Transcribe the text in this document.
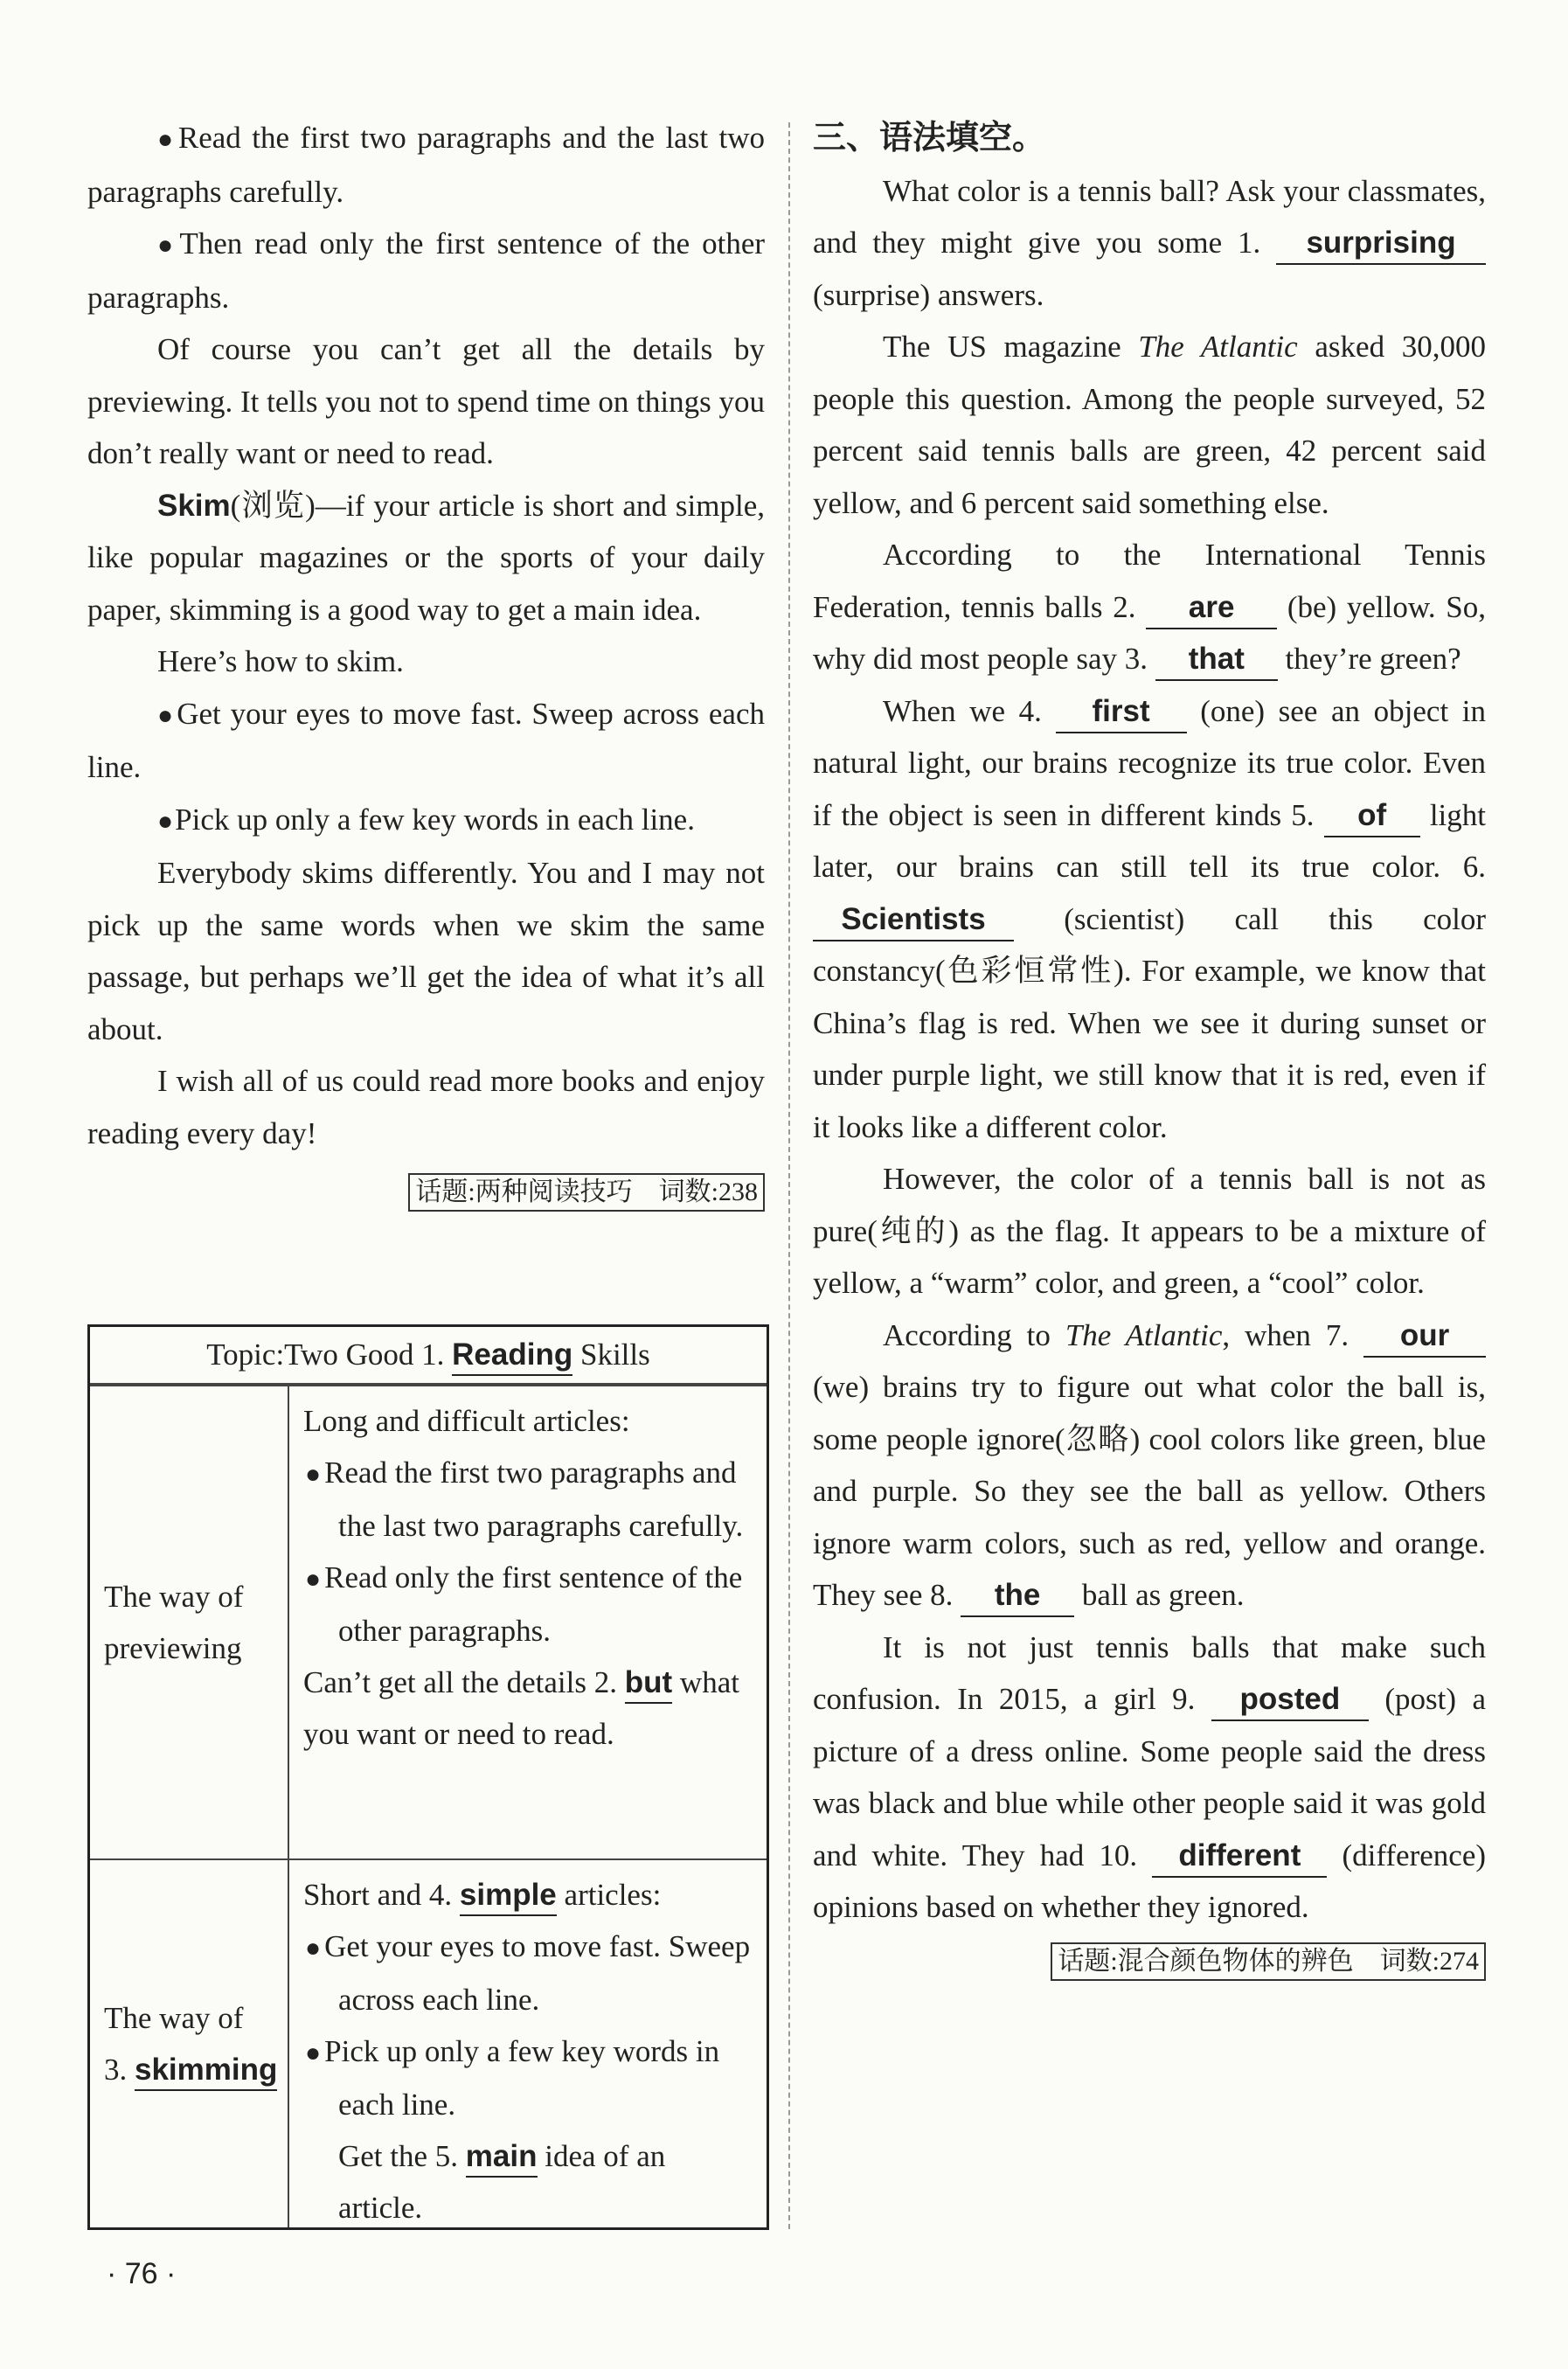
● Read the first two paragraphs and the last two paragraphs carefully.

● Then read only the first sentence of the other paragraphs.

Of course you can’t get all the details by previewing. It tells you not to spend time on things you don’t really want or need to read.

Skim(浏览)—if your article is short and simple, like popular magazines or the sports of your daily paper, skimming is a good way to get a main idea.

Here’s how to skim.

● Get your eyes to move fast. Sweep across each line.

● Pick up only a few key words in each line.

Everybody skims differently. You and I may not pick up the same words when we skim the same passage, but perhaps we’ll get the idea of what it’s all about.

I wish all of us could read more books and enjoy reading every day!

话题:两种阅读技巧　词数:238
Topic:Two Good 1. Reading Skills
The way of
previewing
Long and difficult articles:
● Read the first two paragraphs and the last two paragraphs carefully.
● Read only the first sentence of the other paragraphs.
Can’t get all the details 2. but what you want or need to read.
The way of
3. skimming
Short and 4. simple articles:
● Get your eyes to move fast. Sweep across each line.
● Pick up only a few key words in each line.
Get the 5. main idea of an article.

三、语法填空。

What color is a tennis ball? Ask your classmates, and they might give you some 1. surprising (surprise) answers.

The US magazine The Atlantic asked 30,000 people this question. Among the people surveyed, 52 percent said tennis balls are green, 42 percent said yellow, and 6 percent said something else.

According to the International Tennis Federation, tennis balls 2. are (be) yellow. So, why did most people say 3. that they’re green?

When we 4. first (one) see an object in natural light, our brains recognize its true color. Even if the object is seen in different kinds 5. of light later, our brains can still tell its true color. 6. Scientists	(scientist) call this color constancy(色彩恒常性). For example, we know that China’s flag is red. When we see it during sunset or under purple light, we still know that it is red, even if it looks like a different color.

However, the color of a tennis ball is not as pure(纯的) as the flag. It appears to be a mixture of yellow, a “warm” color, and green, a “cool” color.

According to The Atlantic, when 7. our (we) brains try to figure out what color the ball is, some people ignore(忽略) cool colors like green, blue and purple. So they see the ball as yellow. Others ignore warm colors, such as red, yellow and orange. They see 8. the ball as green.

It is not just tennis balls that make such confusion. In 2015, a girl 9. posted (post) a picture of a dress online. Some people said the dress was black and blue while other people said it was gold and white. They had 10. different (difference) opinions based on whether they ignored.

话题:混合颜色物体的辨色　词数:274
· 76 ·
